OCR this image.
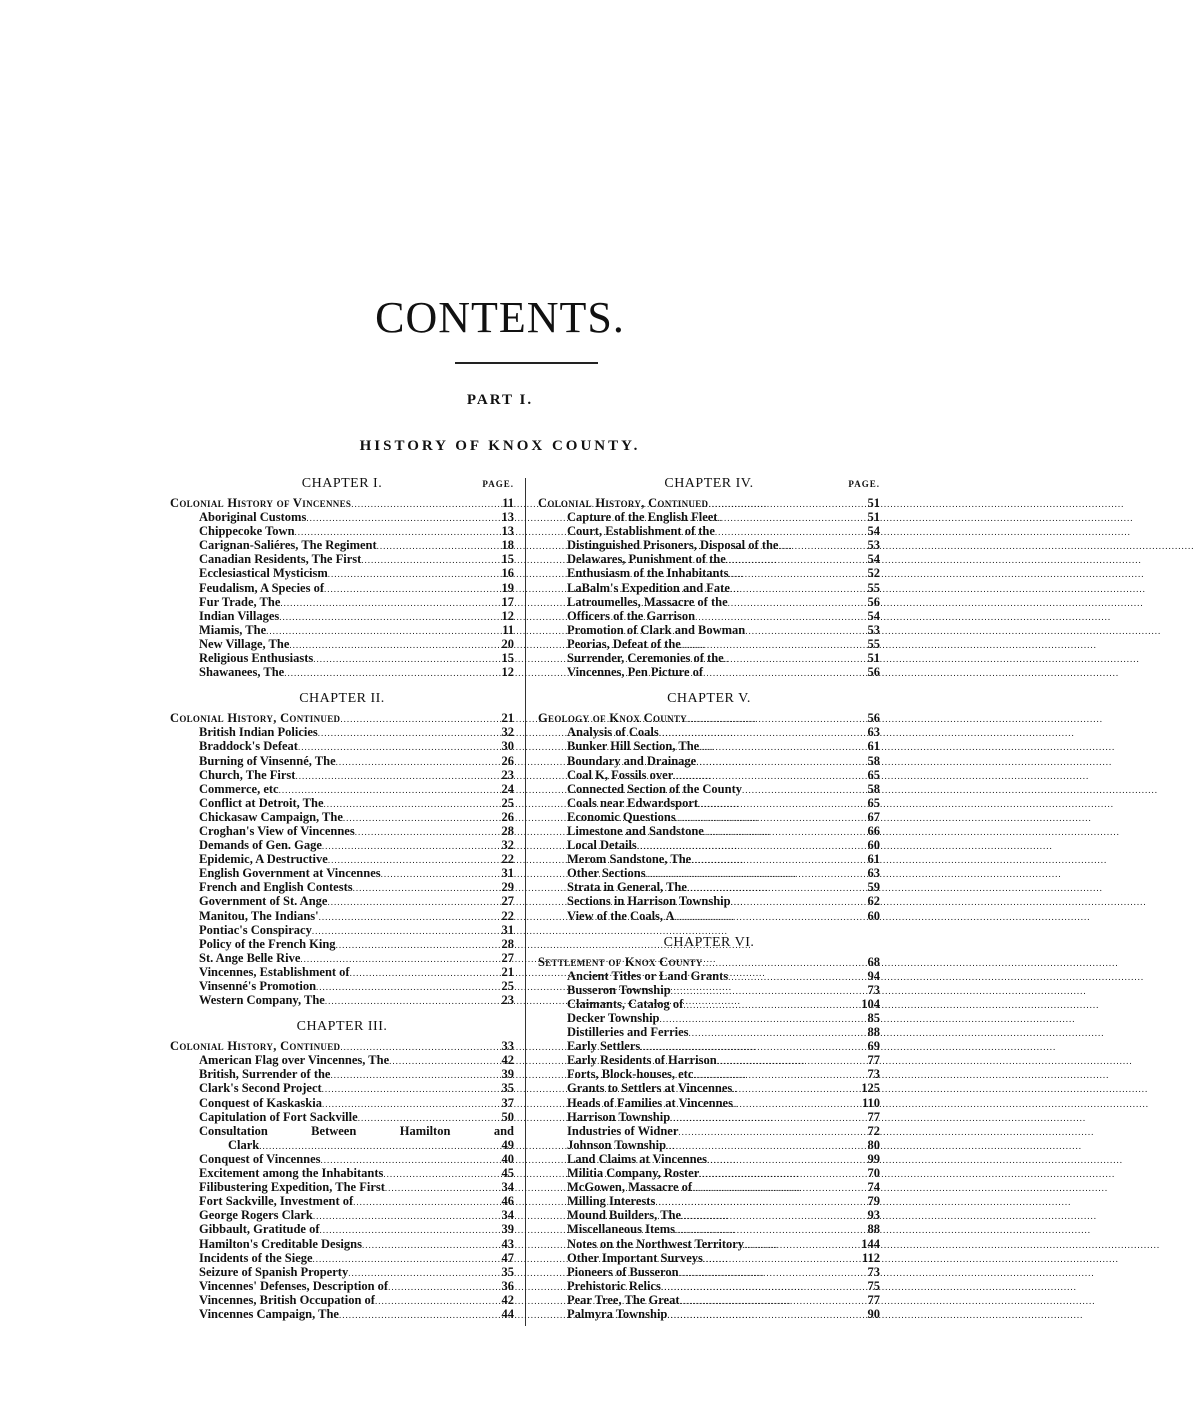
CONTENTS.
PART I.
HISTORY OF KNOX COUNTY.
CHAPTER I.	PAGE.
Colonial History of Vincennes .....	11
Aboriginal Customs .....	13
Chippecoke Town .....	13
Carignan-Saliéres, The Regiment .....	18
Canadian Residents, The First .....	15
Ecclesiastical Mysticism .....	16
Feudalism, A Species of .....	19
Fur Trade, The .....	17
Indian Villages .....	12
Miamis, The .....	11
New Village, The .....	20
Religious Enthusiasts .....	15
Shawanees, The .....	12
CHAPTER II.
Colonial History, Continued .....	21
British Indian Policies .....	32
Braddock's Defeat .....	30
Burning of Vinsenné, The .....	26
Church, The First .....	23
Commerce, etc .....	24
Conflict at Detroit, The .....	25
Chickasaw Campaign, The .....	26
Croghan's View of Vincennes .....	28
Demands of Gen. Gage .....	32
Epidemic, A Destructive .....	22
English Government at Vincennes .....	31
French and English Contests .....	29
Government of St. Ange .....	27
Manitou, The Indians' .....	22
Pontiac's Conspiracy .....	31
Policy of the French King .....	28
St. Ange Belle Rive .....	27
Vincennes, Establishment of .....	21
Vinsenné's Promotion .....	25
Western Company, The .....	23
CHAPTER III.
Colonial History, Continued .....	33
American Flag over Vincennes, The .....	42
British, Surrender of the .....	39
Clark's Second Project .....	35
Conquest of Kaskaskia .....	37
Capitulation of Fort Sackville .....	50
Consultation Between Hamilton and
Clark .....	49
Conquest of Vincennes .....	40
Excitement among the Inhabitants .....	45
Filibustering Expedition, The First .....	34
Fort Sackville, Investment of .....	46
George Rogers Clark .....	34
Gibbault, Gratitude of .....	39
Hamilton's Creditable Designs .....	43
Incidents of the Siege .....	47
Seizure of Spanish Property .....	35
Vincennes' Defenses, Description of .....	36
Vincennes, British Occupation of .....	42
Vincennes Campaign, The .....	44
CHAPTER IV.	PAGE.
Colonial History, Continued .....	51
Capture of the English Fleet .....	51
Court, Establishment of the .....	54
Distinguished Prisoners, Disposal of the .....	53
Delawares, Punishment of the .....	54
Enthusiasm of the Inhabitants .....	52
LaBalm's Expedition and Fate .....	55
Latroumelles, Massacre of the .....	56
Officers of the Garrison .....	54
Promotion of Clark and Bowman .....	53
Peorias, Defeat of the .....	55
Surrender, Ceremonies of the .....	51
Vincennes, Pen Picture of .....	56
CHAPTER V.
Geology of Knox County .....	56
Analysis of Coals .....	63
Bunker Hill Section, The .....	61
Boundary and Drainage .....	58
Coal K, Fossils over .....	65
Connected Section of the County .....	58
Coals near Edwardsport .....	65
Economic Questions .....	67
Limestone and Sandstone .....	66
Local Details .....	60
Merom Sandstone, The .....	61
Other Sections .....	63
Strata in General, The .....	59
Sections in Harrison Township .....	62
View of the Coals, A .....	60
CHAPTER VI.
Settlement of Knox County .....	68
Ancient Titles or Land Grants .....	94
Busseron Township .....	73
Claimants, Catalog of .....	104
Decker Township .....	85
Distilleries and Ferries .....	88
Early Settlers .....	69
Early Residents of Harrison .....	77
Forts, Block-houses, etc .....	73
Grants to Settlers at Vincennes .....	125
Heads of Families at Vincennes .....	110
Harrison Township .....	77
Industries of Widner .....	72
Johnson Township .....	80
Land Claims at Vincennes .....	99
Militia Company, Roster .....	70
McGowen, Massacre of .....	74
Milling Interests .....	79
Mound Builders, The .....	93
Miscellaneous Items .....	88
Notes on the Northwest Territory .....	144
Other Important Surveys .....	112
Pioneers of Busseron .....	73
Prehistoric Relics .....	75
Pear Tree, The Great .....	77
Palmyra Township .....	90
